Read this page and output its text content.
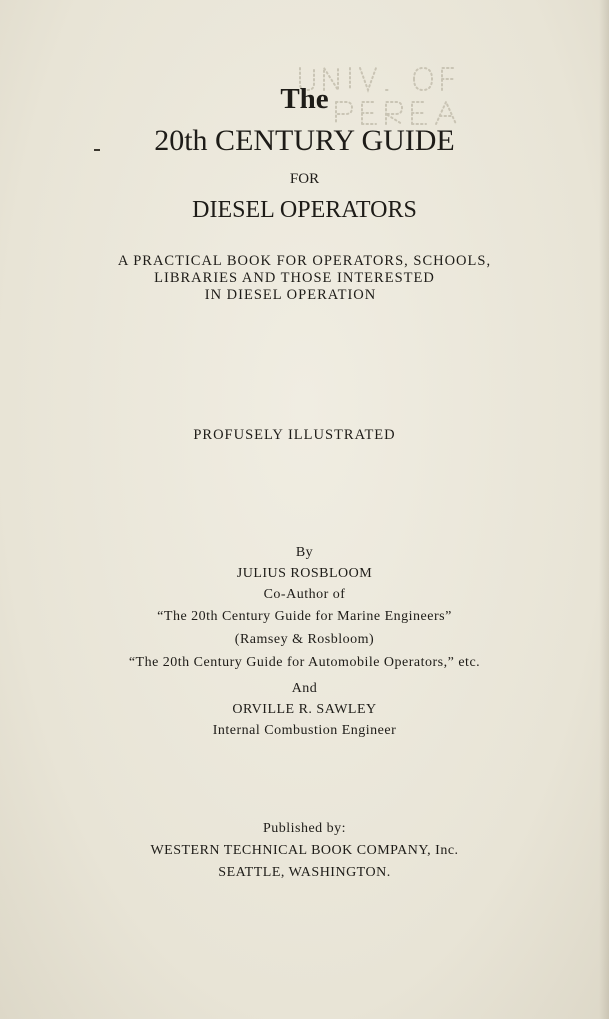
The
20th CENTURY GUIDE
FOR
DIESEL OPERATORS
A PRACTICAL BOOK FOR OPERATORS, SCHOOLS,
LIBRARIES AND THOSE INTERESTED
IN DIESEL OPERATION
PROFUSELY ILLUSTRATED
By
JULIUS ROSBLOOM
Co-Author of
“The 20th Century Guide for Marine Engineers”
(Ramsey & Rosbloom)
“The 20th Century Guide for Automobile Operators,” etc.
And
ORVILLE R. SAWLEY
Internal Combustion Engineer
Published by:
WESTERN TECHNICAL BOOK COMPANY, Inc.
SEATTLE, WASHINGTON.
